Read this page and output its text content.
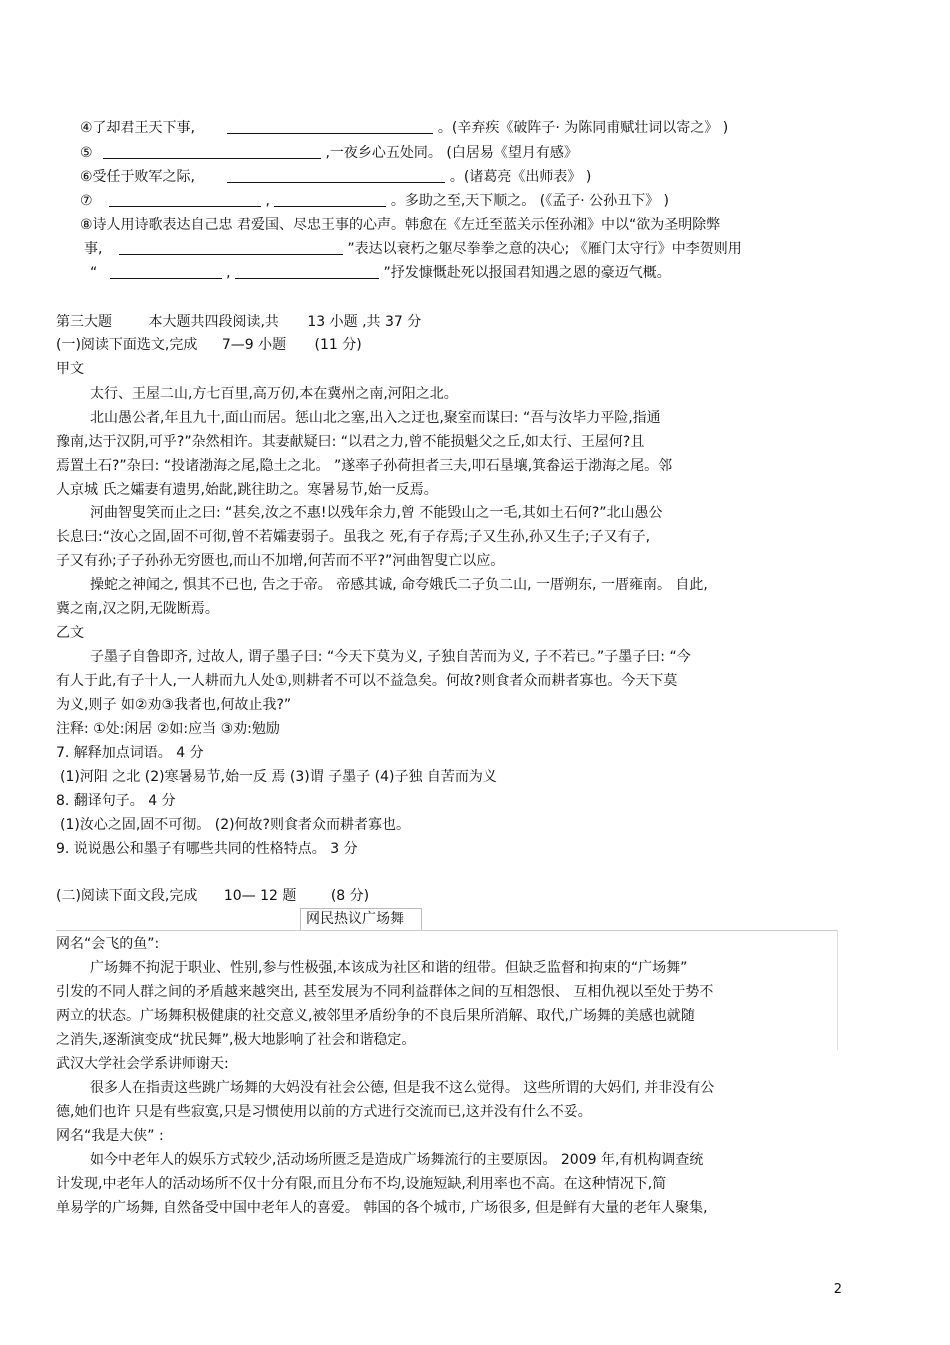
④了却君王天下事,	。(辛弃疾《破阵子· 为陈同甫赋壮词以寄之》 )
⑤	,一夜乡心五处同。 (白居易《望月有感》
⑥受任于败军之际,	。(诸葛亮《出师表》 )
⑦	,	。多助之至,天下顺之。 (《孟子· 公孙丑下》 )
⑧诗人用诗歌表达自己忠 君爱国、尽忠王事的心声。韩愈在《左迁至蓝关示侄孙湘》中以“欲为圣明除弊
事,	”表达以衰朽之躯尽拳拳之意的决心; 《雁门太守行》中李贺则用
“	,	”抒发慷慨赴死以报国君知遇之恩的豪迈气概。
第三大题	本大题共四段阅读,共 13 小题 ,共 37 分
(一)阅读下面选文,完成 7—9 小题 (11 分)
甲文
太行、王屋二山,方七百里,高万仞,本在冀州之南,河阳之北。
北山愚公者,年且九十,面山而居。惩山北之塞,出入之迂也,聚室而谋曰: “吾与汝毕力平险,指通
豫南,达于汉阴,可乎?”杂然相许。其妻献疑曰: “以君之力,曾不能损魁父之丘,如太行、王屋何?且
焉置土石?”杂曰: “投诸渤海之尾,隐土之北。 ”遂率子孙荷担者三夫,叩石垦壤,箕畚运于渤海之尾。邻
人京城 氏之孀妻有遗男,始龀,跳往助之。寒暑易节,始一反焉。
河曲智叟笑而止之曰: “甚矣,汝之不惠!以残年余力,曾 不能毁山之一毛,其如土石何?”北山愚公
长息曰:“汝心之固,固不可彻,曾不若孀妻弱子。虽我之 死,有子存焉;子又生孙,孙又生子;子又有子,
子又有孙;子子孙孙无穷匮也,而山不加增,何苦而不平?”河曲智叟亡以应。
操蛇之神闻之, 惧其不已也, 告之于帝。 帝感其诚, 命夸娥氏二子负二山, 一厝朔东, 一厝雍南。 自此,
冀之南,汉之阴,无陇断焉。
乙文
子墨子自鲁即齐, 过故人, 谓子墨子曰: “今天下莫为义, 子独自苦而为义, 子不若已。”子墨子曰: “今
有人于此,有子十人,一人耕而九人处①,则耕者不可以不益急矣。何故?则食者众而耕者寡也。今天下莫
为义,则子 如②劝③我者也,何故止我?”
注释: ①处:闲居 ②如:应当 ③劝:勉励
7. 解释加点词语。 4 分
(1)河阳 之北 (2)寒暑易节,始一反 焉 (3)谓 子墨子 (4)子独 自苦而为义
8. 翻译句子。 4 分
(1)汝心之固,固不可彻。 (2)何故?则食者众而耕者寡也。
9. 说说愚公和墨子有哪些共同的性格特点。 3 分
(二)阅读下面文段,完成 10— 12 题 (8 分)
网民热议广场舞
网名“会飞的鱼”:
广场舞不拘泥于职业、性别,参与性极强,本该成为社区和谐的纽带。但缺乏监督和拘束的“广场舞”
引发的不同人群之间的矛盾越来越突出, 甚至发展为不同利益群体之间的互相怨恨、 互相仇视以至处于势不
两立的状态。广场舞积极健康的社交意义,被邻里矛盾纷争的不良后果所消解、取代,广场舞的美感也就随
之消失,逐渐演变成“扰民舞”,极大地影响了社会和谐稳定。
武汉大学社会学系讲师谢天:
很多人在指责这些跳广场舞的大妈没有社会公德, 但是我不这么觉得。 这些所谓的大妈们, 并非没有公
德,她们也许 只是有些寂寞,只是习惯使用以前的方式进行交流而已,这并没有什么不妥。
网名“我是大侠” :
如今中老年人的娱乐方式较少,活动场所匮乏是造成广场舞流行的主要原因。 2009 年,有机构调查统
计发现,中老年人的活动场所不仅十分有限,而且分布不均,设施短缺,利用率也不高。在这种情况下,简
单易学的广场舞, 自然备受中国中老年人的喜爱。 韩国的各个城市, 广场很多, 但是鲜有大量的老年人聚集,
2
